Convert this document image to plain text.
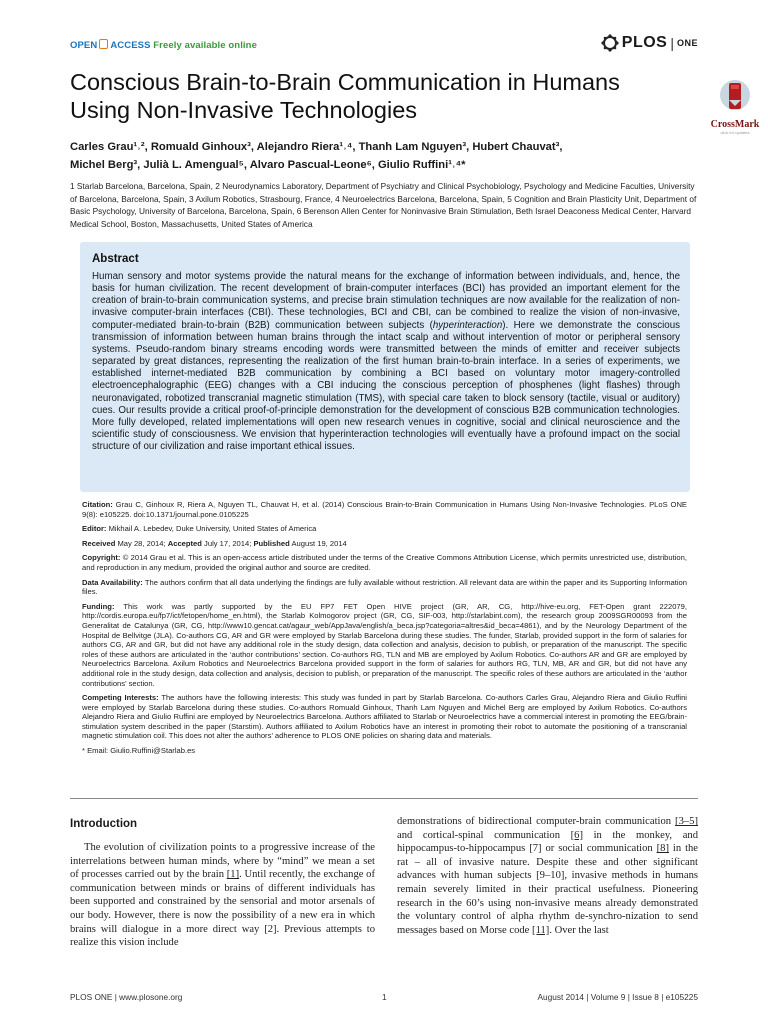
OPEN ACCESS Freely available online	PLOS | ONE
Conscious Brain-to-Brain Communication in Humans
Using Non-Invasive Technologies
CrossMark
click for updates
Carles Grau¹˒², Romuald Ginhoux³, Alejandro Riera¹˒⁴, Thanh Lam Nguyen³, Hubert Chauvat³,
Michel Berg³, Julià L. Amengual⁵, Alvaro Pascual-Leone⁶, Giulio Ruffini¹˒⁴*
1 Starlab Barcelona, Barcelona, Spain, 2 Neurodynamics Laboratory, Department of Psychiatry and Clinical Psychobiology, Psychology and Medicine Faculties, University of Barcelona, Barcelona, Spain, 3 Axilum Robotics, Strasbourg, France, 4 Neuroelectrics Barcelona, Barcelona, Spain, 5 Cognition and Brain Plasticity Unit, Department of Basic Psychology, University of Barcelona, Barcelona, Spain, 6 Berenson Allen Center for Noninvasive Brain Stimulation, Beth Israel Deaconess Medical Center, Harvard Medical School, Boston, Massachusetts, United States of America
Abstract
Human sensory and motor systems provide the natural means for the exchange of information between individuals, and, hence, the basis for human civilization. The recent development of brain-computer interfaces (BCI) has provided an important element for the creation of brain-to-brain communication systems, and precise brain stimulation techniques are now available for the realization of non-invasive computer-brain interfaces (CBI). These technologies, BCI and CBI, can be combined to realize the vision of non-invasive, computer-mediated brain-to-brain (B2B) communication between subjects (hyperinteraction). Here we demonstrate the conscious transmission of information between human brains through the intact scalp and without intervention of motor or peripheral sensory systems. Pseudo-random binary streams encoding words were transmitted between the minds of emitter and receiver subjects separated by great distances, representing the realization of the first human brain-to-brain interface. In a series of experiments, we established internet-mediated B2B communication by combining a BCI based on voluntary motor imagery-controlled electroencephalographic (EEG) changes with a CBI inducing the conscious perception of phosphenes (light flashes) through neuronavigated, robotized transcranial magnetic stimulation (TMS), with special care taken to block sensory (tactile, visual or auditory) cues. Our results provide a critical proof-of-principle demonstration for the development of conscious B2B communication technologies. More fully developed, related implementations will open new research venues in cognitive, social and clinical neuroscience and the scientific study of consciousness. We envision that hyperinteraction technologies will eventually have a profound impact on the social structure of our civilization and raise important ethical issues.

Citation: Grau C, Ginhoux R, Riera A, Nguyen TL, Chauvat H, et al. (2014) Conscious Brain-to-Brain Communication in Humans Using Non-Invasive Technologies. PLoS ONE 9(8): e105225. doi:10.1371/journal.pone.0105225

Editor: Mikhail A. Lebedev, Duke University, United States of America

Received May 28, 2014; Accepted July 17, 2014; Published August 19, 2014

Copyright: © 2014 Grau et al. This is an open-access article distributed under the terms of the Creative Commons Attribution License, which permits unrestricted use, distribution, and reproduction in any medium, provided the original author and source are credited.

Data Availability: The authors confirm that all data underlying the findings are fully available without restriction. All relevant data are within the paper and its Supporting Information files.

Funding: This work was partly supported by the EU FP7 FET Open HIVE project (GR, AR, CG, http://hive-eu.org, FET-Open grant 222079, http://cordis.europa.eu/fp7/ict/fetopen/home_en.html), the Starlab Kolmogorov project (GR, CG, SIF-003, http://starlabint.com), the research group 2009SGR00093 from the Generalitat de Catalunya (GR, CG, http://www10.gencat.cat/agaur_web/AppJava/english/a_beca.jsp?categoria=altres&id_beca=4861), and by the Neurology Department of the Hospital de Bellvitge (JLA). Co-authors CG, AR and GR were employed by Starlab Barcelona during these studies. The funder, Starlab, provided support in the form of salaries for authors CG, AR and GR, but did not have any additional role in the study design, data collection and analysis, decision to publish, or preparation of the manuscript. The specific roles of these authors are articulated in the ‘author contributions’ section. Co-authors RG, TLN and MB are employed by Axilum Robotics. Co-authors AR and GR are employed by Neuroelectrics Barcelona. Axilum Robotics and Neuroelectrics Barcelona provided support in the form of salaries for authors RG, TLN, MB, AR and GR, but did not have any additional role in the study design, data collection and analysis, decision to publish, or preparation of the manuscript. The specific roles of these authors are articulated in the ‘author contributions’ section.

Competing Interests: The authors have the following interests: This study was funded in part by Starlab Barcelona. Co-authors Carles Grau, Alejandro Riera and Giulio Ruffini were employed by Starlab Barcelona during these studies. Co-authors Romuald Ginhoux, Thanh Lam Nguyen and Michel Berg are employed by Axilum Robotics. Co-authors Alejandro Riera and Giulio Ruffini are employed by Neuroelectrics Barcelona. Authors affiliated to Starlab or Neuroelectrics have a commercial interest in promoting the EEG/brain-stimulation system described in the paper (Starstim). Authors affiliated to Axilum Robotics have an interest in promoting their robot to automate the positioning of a transcranial magnetic stimulation coil. This does not alter the authors’ adherence to PLOS ONE policies on sharing data and materials.

* Email: Giulio.Ruffini@Starlab.es

Introduction
The evolution of civilization points to a progressive increase of the interrelations between human minds, where by “mind” we mean a set of processes carried out by the brain [1]. Until recently, the exchange of communication between minds or brains of different individuals has been supported and constrained by the sensorial and motor arsenals of our body. However, there is now the possibility of a new era in which brains will dialogue in a more direct way [2]. Previous attempts to realize this vision include
demonstrations of bidirectional computer-brain communication [3–5] and cortical-spinal communication [6] in the monkey, and hippocampus-to-hippocampus [7] or social communication [8] in the rat – all of invasive nature. Despite these and other significant advances with human subjects [9–10], invasive methods in humans remain severely limited in their practical usefulness. Pioneering research in the 60’s using non-invasive means already demonstrated the voluntary control of alpha rhythm de-synchro-nization to send messages based on Morse code [11]. Over the last
PLOS ONE | www.plosone.org	1	August 2014 | Volume 9 | Issue 8 | e105225
